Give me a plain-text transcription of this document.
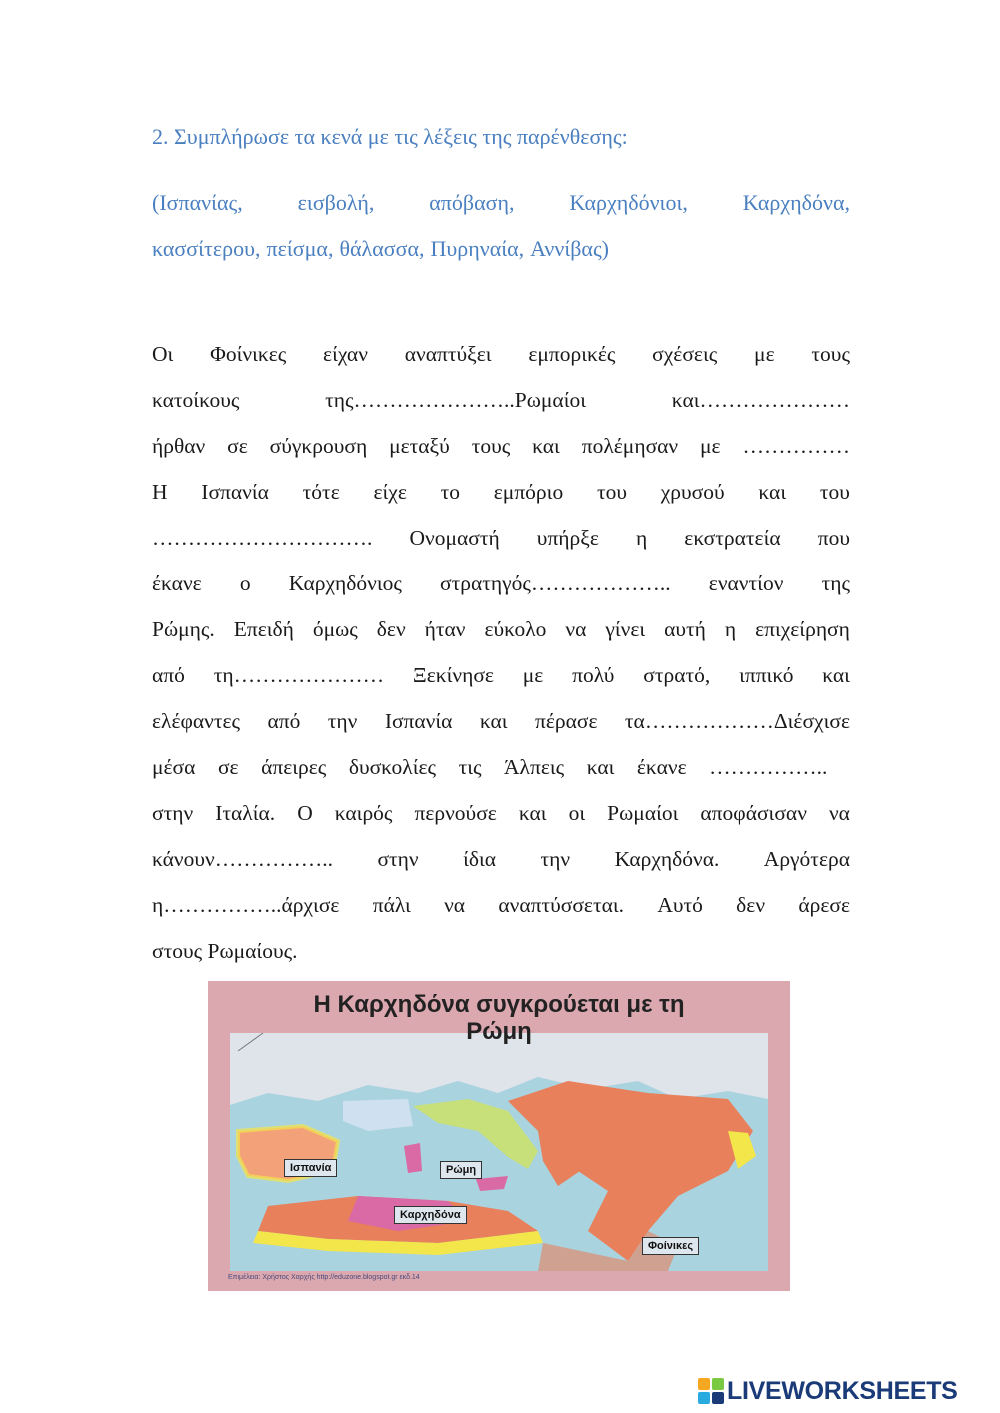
2. Συμπλήρωσε τα κενά με τις λέξεις της παρένθεσης:
(Ισπανίας, εισβολή, απόβαση, Καρχηδόνιοι, Καρχηδόνα,
κασσίτερου, πείσμα, θάλασσα, Πυρηναία, Αννίβας)
Οι Φοίνικες είχαν αναπτύξει εμπορικές σχέσεις με τους
κατοίκους	της…………………..Ρωμαίοι	και…………………
ήρθαν σε σύγκρουση μεταξύ τους και πολέμησαν με ……………
Η Ισπανία τότε είχε το εμπόριο του χρυσού και του
…………………………. Ονομαστή υπήρξε η εκστρατεία που
έκανε ο Καρχηδόνιος στρατηγός……………….. εναντίον της
Ρώμης. Επειδή όμως δεν ήταν εύκολο να γίνει αυτή η επιχείρηση
από τη………………… Ξεκίνησε με πολύ στρατό, ιππικό και
ελέφαντες από την Ισπανία και πέρασε τα………………Διέσχισε
μέσα σε άπειρες δυσκολίες τις Άλπεις και έκανε ……………..
στην Ιταλία. Ο καιρός περνούσε και οι Ρωμαίοι αποφάσισαν να
κάνουν…………….. στην ίδια την Καρχηδόνα. Αργότερα
η……………..άρχισε πάλι να αναπτύσσεται. Αυτό δεν άρεσε
στους Ρωμαίους.
Η Καρχηδόνα συγκρούεται με τη
Ρώμη
Ισπανία	Ρώμη
Καρχηδόνα
Φοίνικες
Επιμέλεια: Χρήστος Χαρχής http://eduzone.blogspot.gr εκδ.14
LIVEWORKSHEETS
